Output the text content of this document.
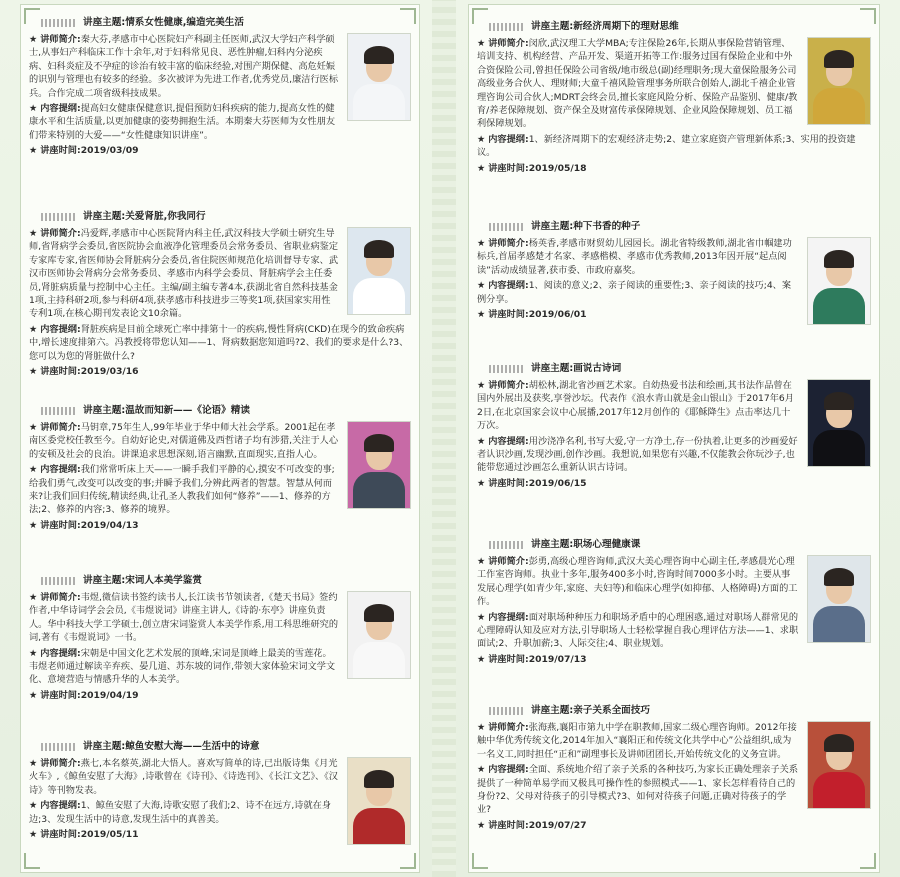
讲座主题:情系女性健康,编造完美生活
★ 讲师简介:秦大芬,孝感市中心医院妇产科副主任医师,武汉大学妇产科学硕士,从事妇产科临床工作十余年,对于妇科常见良、恶性肿瘤,妇科内分泌疾病、妇科炎症及不孕症的诊治有较丰富的临床经验,对围产期保健、高危妊娠的识别与管理也有较多的经验。多次被评为先进工作者,优秀党员,廉洁行医标兵。合作完成二项省级科技成果。
★ 内容提纲:提高妇女健康保健意识,提倡预防妇科疾病的能力,提高女性的健康水平和生活质量,以更加健康的姿势拥抱生活。本期秦大芬医师为女性朋友们带来特别的大爱——“女性健康知识讲座”。
★ 讲座时间:2019/03/09
讲座主题:关爱肾脏,你我同行
★ 讲师简介:冯爱辉,孝感市中心医院肾内科主任,武汉科技大学硕士研究生导师,省肾病学会委员,省医院协会血液净化管理委员会常务委员、省职业病鉴定专家库专家,省医师协会肾脏病分会委员,省住院医师规范化培训督导专家、武汉市医师协会肾病分会常务委员、孝感市内科学会委员、肾脏病学会主任委员,肾脏病质量与控制中心主任。主编/副主编专著4本,获湖北省自然科技基金1项,主持科研2项,参与科研4项,获孝感市科技进步三等奖1项,获国家实用性专利1项,在核心期刊发表论文10余篇。
★ 内容提纲:肾脏疾病是目前全球死亡率中排第十一的疾病,慢性肾病(CKD)在现今的致命疾病中,增长速度排第六。冯教授将带您认知——1、肾病数据您知道吗?2、我们的要求是什么?3、您可以为您的肾脏做什么?
★ 讲座时间:2019/03/16
讲座主题:温故而知新——《论语》精读
★ 讲师简介:马钥章,75年生人,99年毕业于华中师大社会学系。2001起在孝南区委党校任教至今。自幼好论史,对儒道佛及西哲诸子均有涉猎,关注于人心的安顿及社会的良治。讲课追求思想深刻,语言幽默,直面现实,直指人心。
★ 内容提纲:我们常常听床上天——一瞬手我们平静的心,摸安不可改变的事;给我们勇气,改变可以改变的事;并瞬予我们,分辨此两者的智慧。智慧从何而来?让我们回归传统,精读经典,让孔圣人教我们如何“修养”——1、修养的方法;2、修养的内容;3、修养的境界。
★ 讲座时间:2019/04/13
讲座主题:宋词人本美学鉴赏
★ 讲师简介:韦煜,微信读书签约读书人,长江读书节领读者,《楚天书局》签约作者,中华诗词学会会员,《韦煜说词》讲座主讲人,《诗韵·东亭》讲座负责人。华中科技大学工学硕士,创立唐宋词鉴赏人本美学作系,用工科思维研究的词,著有《韦煜说词》一书。
★ 内容提纲:宋朝是中国文化艺术发展的顶峰,宋词是顶峰上最美的雪莲花。韦煜老师通过解读辛弃疾、晏几道、苏东坡的词作,带领大家体验宋词文学文化、意境营造与情感升华的人本美学。
★ 讲座时间:2019/04/19
讲座主题:鲸鱼安慰大海——生活中的诗意
★ 讲师简介:燕七,本名蔡英,湖北大悟人。喜欢写简单的诗,已出版诗集《月光火车》,《鲸鱼安慰了大海》,诗歌曾在《诗刊》、《诗选刊》、《长江文艺》、《汉诗》等刊物发表。
★ 内容提纲:1、鲸鱼安慰了大海,诗歌安慰了我们;2、诗不在远方,诗就在身边;3、发现生活中的诗意,发现生活中的真善美。
★ 讲座时间:2019/05/11
讲座主题:新经济周期下的理财思维
★ 讲师简介:闵欣,武汉理工大学MBA;专注保险26年,长期从事保险营销管理、培训支持、机构经营、产品开发、渠道开拓等工作:服务过国有保险企业和中外合资保险公司,曾担任保险公司省级/地市级总(副)经理职务;现大童保险服务公司高级业务合伙人、理财师;大童千禧风险管理事务所联合创始人,湖北千禧企业管理咨询公司合伙人;MDRT会终会员,擅长家庭风险分析、保险产品鉴别、健康/教育/养老保障规划、资产保全及财富传承保障规划、企业风险保障规划、员工福利保障规划。
★ 内容提纲:1、新经济周期下的宏观经济走势;2、建立家庭资产管理新体系;3、实用的投资建议。
★ 讲座时间:2019/05/18
讲座主题:种下书香的种子
★ 讲师简介:杨英香,孝感市财贸幼儿园园长。湖北省特级教师,湖北省巾帼建功标兵,首届孝感楚才名家、孝感楷模、孝感市优秀教师,2013年因开展“起点阅读”活动成绩显著,获市委、市政府嘉奖。
★ 内容提纲:1、阅读的意义;2、亲子阅读的重要性;3、亲子阅读的技巧;4、案例分享。
★ 讲座时间:2019/06/01
讲座主题:画说古诗词
★ 讲师简介:胡松林,湖北省沙画艺术家。自幼热爱书法和绘画,其书法作品曾在国内外展出及获奖,享誉沙坛。代表作《浪水青山就是金山银山》于2017年6月2日,在北京国家会议中心展播,2017年12月创作的《耶稣降生》点击率达几十万次。
★ 内容提纲:用沙浇净名利,书写大爱,守一方净土,存一份执着,让更多的沙画爱好者认识沙画,发现沙画,创作沙画。我想说,如果您有兴趣,不仅能教会你玩沙子,也能带您通过沙画怎么重新认识古诗词。
★ 讲座时间:2019/06/15
讲座主题:职场心理健康课
★ 讲师简介:彭勇,高级心理咨询师,武汉大美心理咨询中心副主任,孝感晨光心理工作室咨询师。执业十多年,服务400多小时,咨询时间7000多小时。主要从事发展心理学(如青少年,家庭、夫妇等)和临床心理学(如抑郁、人格障碍)方面的工作。
★ 内容提纲:面对职场种种压力和职场矛盾中的心理困惑,通过对职场人群常见的心理障碍认知及应对方法,引导职场人士轻松掌握自我心理评估方法——1、求职面试;2、升职加薪;3、人际交往;4、职业规划。
★ 讲座时间:2019/07/13
讲座主题:亲子关系全面技巧
★ 讲师简介:张海燕,襄阳市第九中学在职教师,国家二级心理咨询师。2012年接触中华优秀传统文化,2014年加入“襄阳正和传统文化共学中心”公益组织,成为一名义工,同时担任“正和”副理事长及讲师团团长,开始传统文化的义务宣讲。
★ 内容提纲:全面、系统地介绍了亲子关系的各种技巧,为家长正确处理亲子关系提供了一种简单易学而又极具可操作性的参照模式——1、家长怎样看待自己的身份?2、父母对待孩子的引导模式?3、如何对待孩子问题,正确对待孩子的学业?
★ 讲座时间:2019/07/27
